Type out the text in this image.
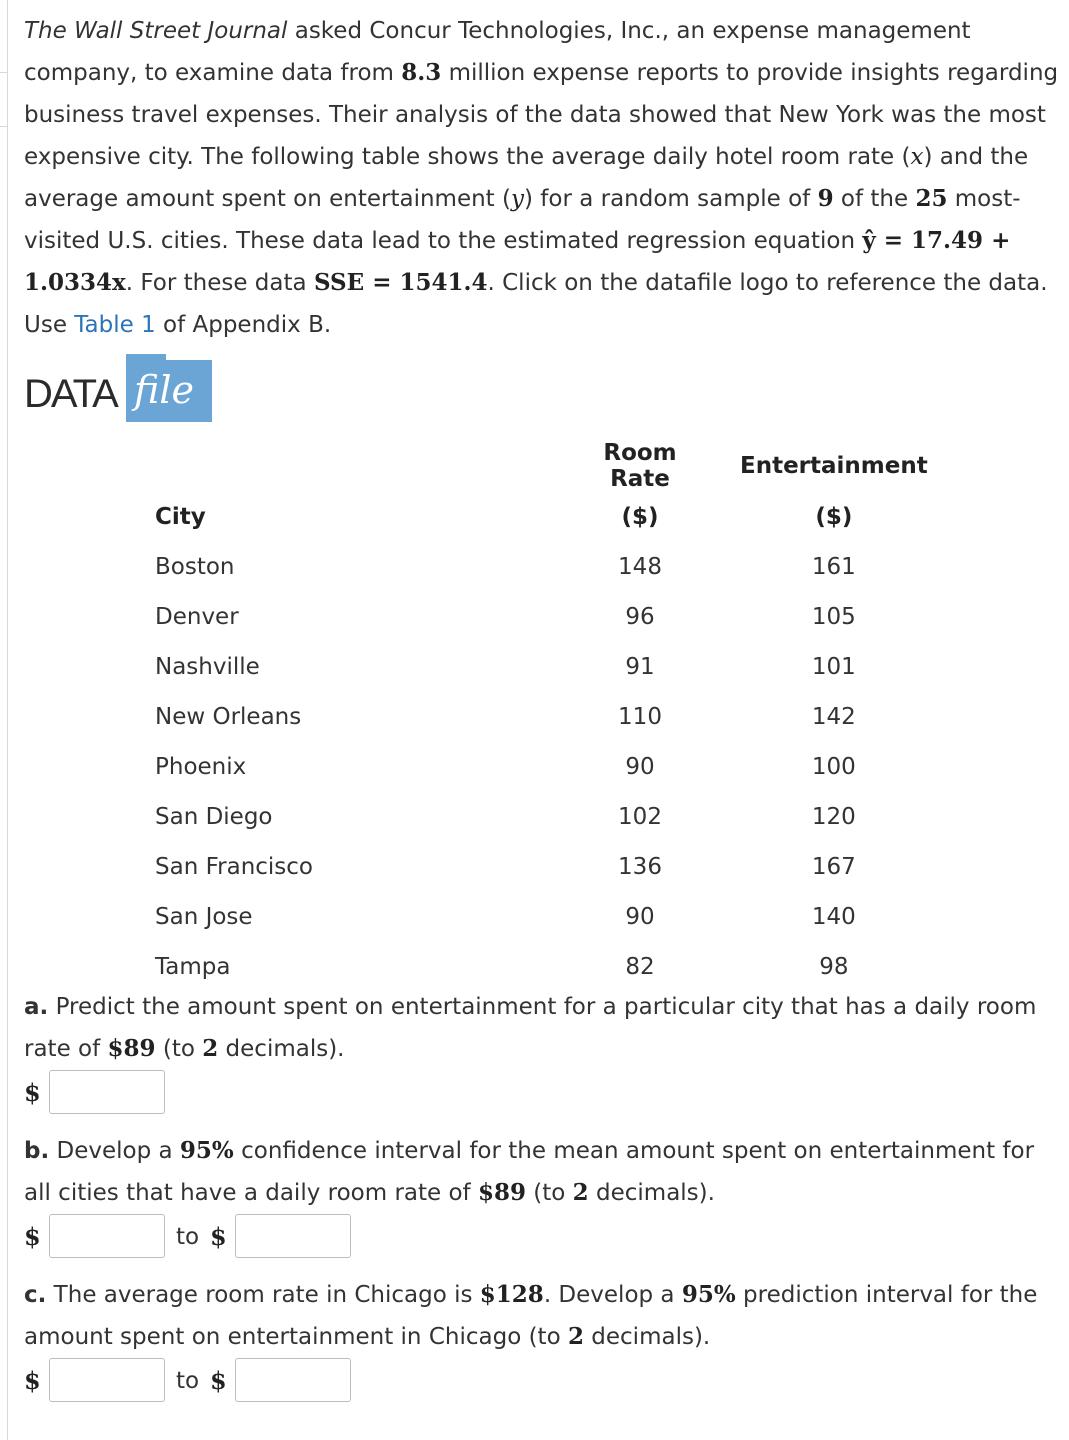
The Wall Street Journal asked Concur Technologies, Inc., an expense management company, to examine data from 8.3 million expense reports to provide insights regarding business travel expenses. Their analysis of the data showed that New York was the most expensive city. The following table shows the average daily hotel room rate (x) and the average amount spent on entertainment (y) for a random sample of 9 of the 25 most-visited U.S. cities. These data lead to the estimated regression equation ŷ = 17.49 + 1.0334x. For these data SSE = 1541.4. Click on the datafile logo to reference the data. Use Table 1 of Appendix B.

DATA file
	Room Rate	Entertainment
City	($)	($)
Boston	148	161
Denver	96	105
Nashville	91	101
New Orleans	110	142
Phoenix	90	100
San Diego	102	120
San Francisco	136	167
San Jose	90	140
Tampa	82	98

a. Predict the amount spent on entertainment for a particular city that has a daily room rate of $89 (to 2 decimals).

$

b. Develop a 95% confidence interval for the mean amount spent on entertainment for all cities that have a daily room rate of $89 (to 2 decimals).

$	to $

c. The average room rate in Chicago is $128. Develop a 95% prediction interval for the amount spent on entertainment in Chicago (to 2 decimals).

$	to $
